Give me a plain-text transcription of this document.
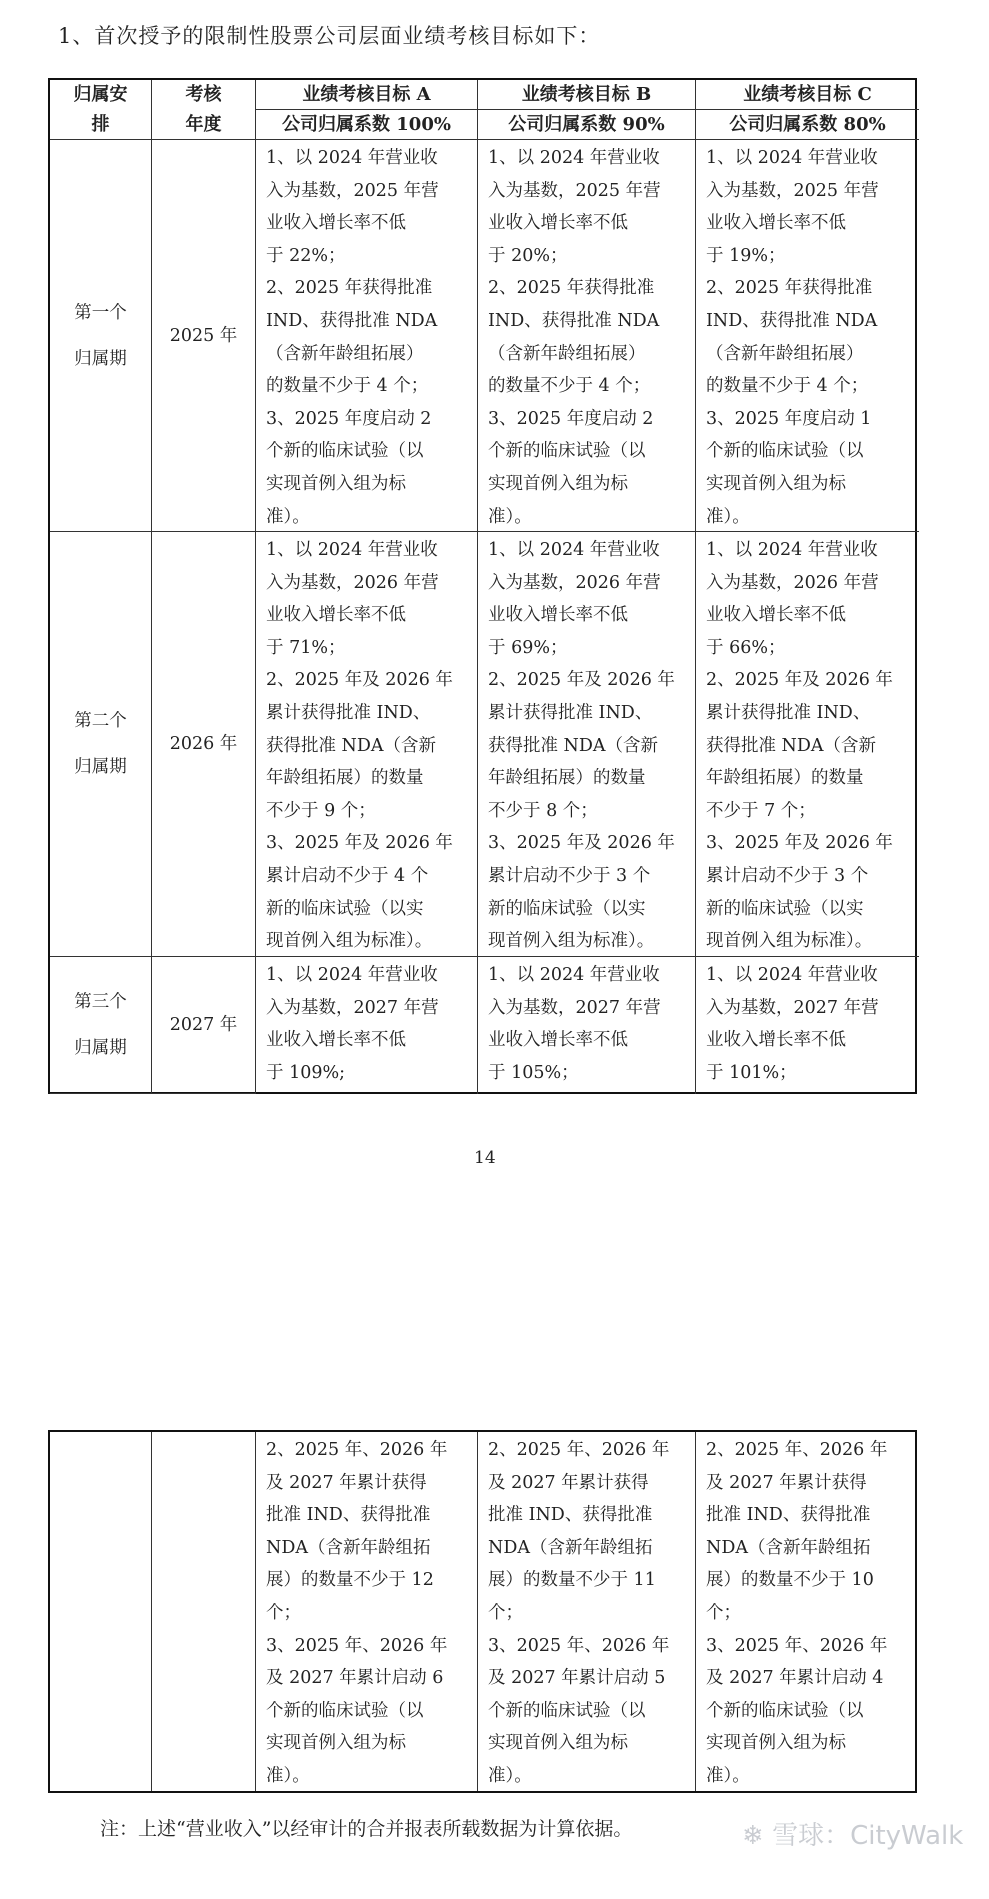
1、首次授予的限制性股票公司层面业绩考核目标如下：
归属安
排
考核
年度
业绩考核目标 A
公司归属系数 100%
业绩考核目标 B
公司归属系数 90%
业绩考核目标 C
公司归属系数 80%
第一个
归属期
2025 年
1、以 2024 年营业收
入为基数，2025 年营
业收入增长率不低
于 22%；
2、2025 年获得批准
IND、获得批准 NDA
（含新年龄组拓展）
的数量不少于 4 个；
3、2025 年度启动 2
个新的临床试验（以
实现首例入组为标
准）。
1、以 2024 年营业收
入为基数，2025 年营
业收入增长率不低
于 20%；
2、2025 年获得批准
IND、获得批准 NDA
（含新年龄组拓展）
的数量不少于 4 个；
3、2025 年度启动 2
个新的临床试验（以
实现首例入组为标
准）。
1、以 2024 年营业收
入为基数，2025 年营
业收入增长率不低
于 19%；
2、2025 年获得批准
IND、获得批准 NDA
（含新年龄组拓展）
的数量不少于 4 个；
3、2025 年度启动 1
个新的临床试验（以
实现首例入组为标
准）。
第二个
归属期
2026 年
1、以 2024 年营业收
入为基数，2026 年营
业收入增长率不低
于 71%；
2、2025 年及 2026 年
累计获得批准 IND、
获得批准 NDA（含新
年龄组拓展）的数量
不少于 9 个；
3、2025 年及 2026 年
累计启动不少于 4 个
新的临床试验（以实
现首例入组为标准）。
1、以 2024 年营业收
入为基数，2026 年营
业收入增长率不低
于 69%；
2、2025 年及 2026 年
累计获得批准 IND、
获得批准 NDA（含新
年龄组拓展）的数量
不少于 8 个；
3、2025 年及 2026 年
累计启动不少于 3 个
新的临床试验（以实
现首例入组为标准）。
1、以 2024 年营业收
入为基数，2026 年营
业收入增长率不低
于 66%；
2、2025 年及 2026 年
累计获得批准 IND、
获得批准 NDA（含新
年龄组拓展）的数量
不少于 7 个；
3、2025 年及 2026 年
累计启动不少于 3 个
新的临床试验（以实
现首例入组为标准）。
第三个
归属期
2027 年
1、以 2024 年营业收
入为基数，2027 年营
业收入增长率不低
于 109%;
1、以 2024 年营业收
入为基数，2027 年营
业收入增长率不低
于 105%；
1、以 2024 年营业收
入为基数，2027 年营
业收入增长率不低
于 101%；
14
2、2025 年、2026 年
及 2027 年累计获得
批准 IND、获得批准
NDA（含新年龄组拓
展）的数量不少于 12
个；
3、2025 年、2026 年
及 2027 年累计启动 6
个新的临床试验（以
实现首例入组为标
准）。
2、2025 年、2026 年
及 2027 年累计获得
批准 IND、获得批准
NDA（含新年龄组拓
展）的数量不少于 11
个；
3、2025 年、2026 年
及 2027 年累计启动 5
个新的临床试验（以
实现首例入组为标
准）。
2、2025 年、2026 年
及 2027 年累计获得
批准 IND、获得批准
NDA（含新年龄组拓
展）的数量不少于 10
个；
3、2025 年、2026 年
及 2027 年累计启动 4
个新的临床试验（以
实现首例入组为标
准）。
注：上述“营业收入”以经审计的合并报表所载数据为计算依据。	❄ 雪球：CityWalk
